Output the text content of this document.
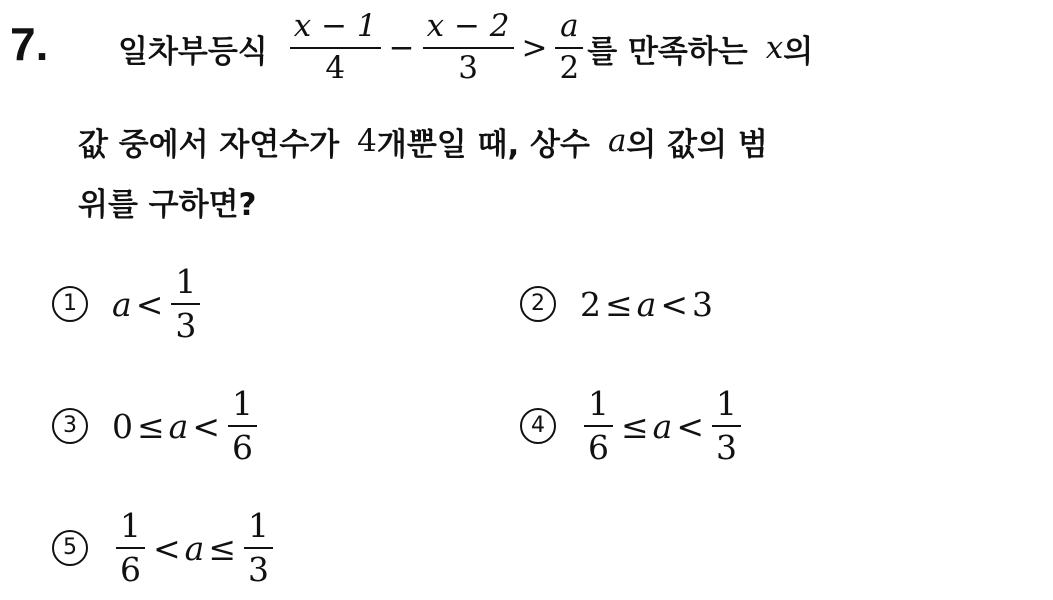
7. 일차부등식 $\frac{x - 1}{4} - \frac{x - 2}{3} > \frac{a}{2}$ 를 만족하는 x 의
값 중에서 자연수가 4 개뿐일 때, 상수 a 의 값의 범
위를 구하면?
1	$a < \frac{1}{3}$	2	2 ≤ a < 3
3	$0 \le a < \frac{1}{6}$	4	$\frac{1}{6} \le a < \frac{1}{3}$
5	$\frac{1}{6} < a \le \frac{1}{3}$
